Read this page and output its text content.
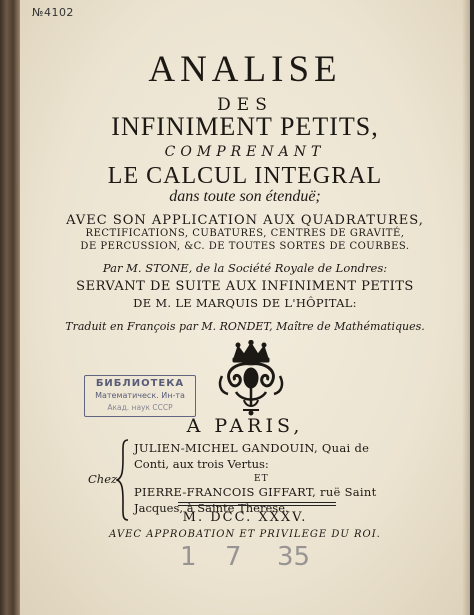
№4102
ANALISE
DES
INFINIMENT PETITS,
COMPRENANT
LE CALCUL INTEGRAL
dans toute son étenduë;
AVEC SON APPLICATION AUX QUADRATURES,
RECTIFICATIONS, CUBATURES, CENTRES DE GRAVITÉ,
DE PERCUSSION, &C. DE TOUTES SORTES DE COURBES.
Par M. STONE, de la Société Royale de Londres:
SERVANT DE SUITE AUX INFINIMENT PETITS
DE M. LE MARQUIS DE L'HÔPITAL:
Traduit en François par M. RONDET, Maître de Mathématiques.
БИБЛИОТЕКА
Математическ. Ин-та
Акад. наук СССР
A PARIS,
Chez
JULIEN-MICHEL GANDOUIN, Quai de
Conti, aux trois Vertus:
ET
PIERRE-FRANCOIS GIFFART, ruë Saint
Jacques, à Sainte Therese.
M. DCC. XXXV.
AVEC APPROBATION ET PRIVILEGE DU ROI.
1 7 35
